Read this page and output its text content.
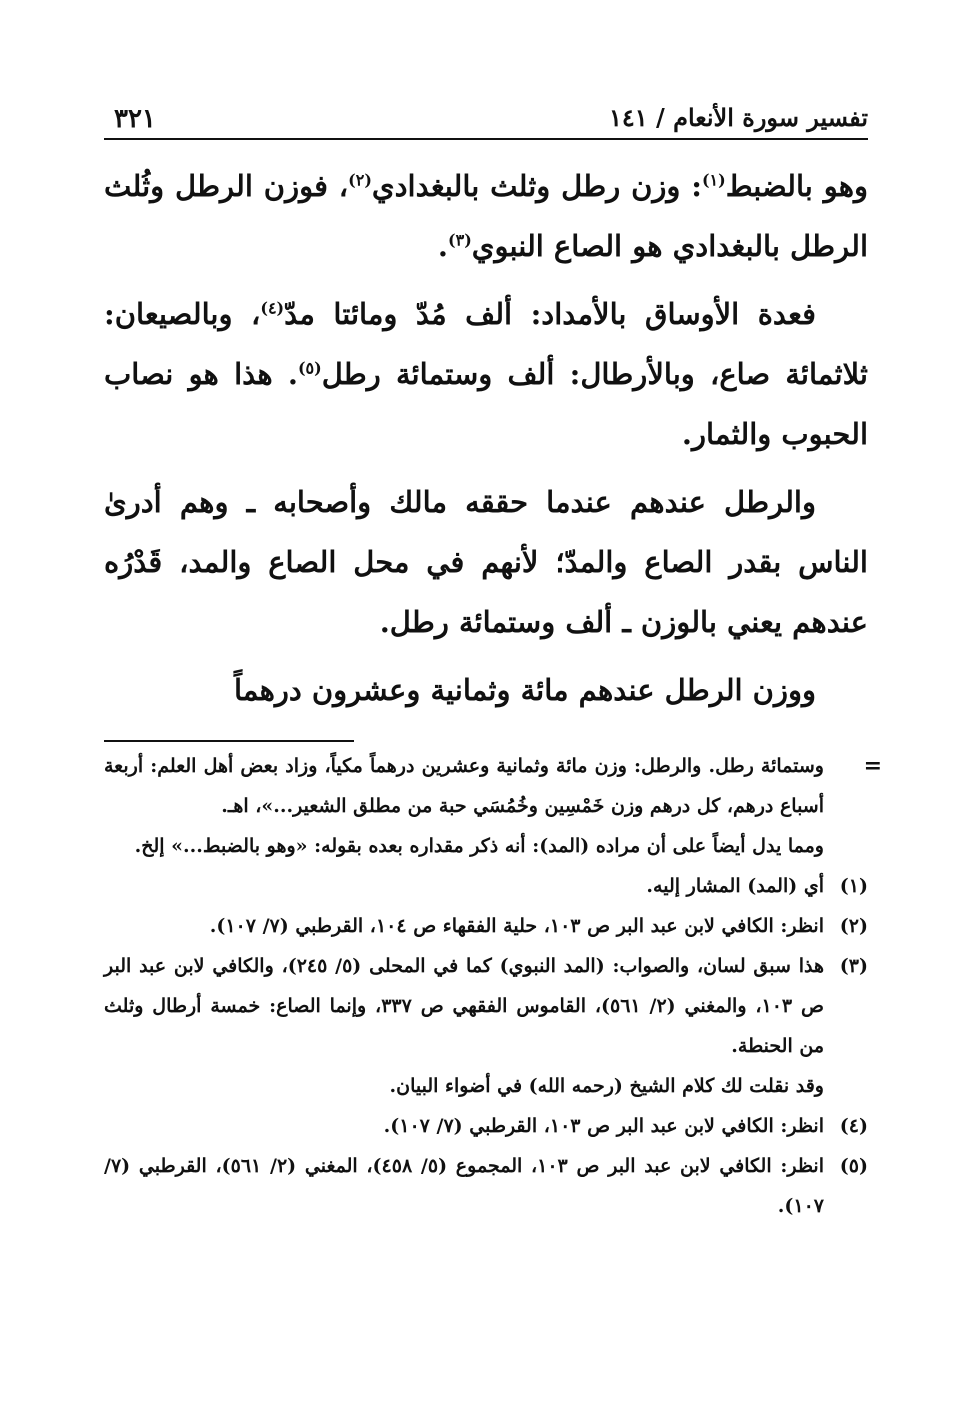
تفسير سورة الأنعام / ١٤١
٣٢١

وهو بالضبط$^{(١)}$: وزن رطل وثلث بالبغدادي$^{(٢)}$، فوزن الرطل وثُلث الرطل بالبغدادي هو الصاع النبوي$^{(٣)}$.

فعدة الأوساق بالأمداد: ألف مُدّ ومائتا مدّ$^{(٤)}$، وبالصيعان: ثلاثمائة صاع، وبالأرطال: ألف وستمائة رطل$^{(٥)}$. هذا هو نصاب الحبوب والثمار.

والرطل عندهم عندما حققه مالك وأصحابه ـ وهم أدرىٰ الناس بقدر الصاع والمدّ؛ لأنهم في محل الصاع والمد، قَدْرُه عندهم يعني بالوزن ـ ألف وستمائة رطل.

ووزن الرطل عندهم مائة وثمانية وعشرون درهماً

=
وستمائة رطل. والرطل: وزن مائة وثمانية وعشرين درهماً مكياً، وزاد بعض أهل العلم: أربعة أسباع درهم، كل درهم وزن خَمْسِين وخُمُسَي حبة من مطلق الشعير...»، اهـ.
ومما يدل أيضاً على أن مراده (المد): أنه ذكر مقداره بعده بقوله: «وهو بالضبط...» إلخ.
(١)
أي (المد) المشار إليه.
(٢)
انظر: الكافي لابن عبد البر ص ١٠٣، حلية الفقهاء ص ١٠٤، القرطبي (٧/ ١٠٧).
(٣)
هذا سبق لسان، والصواب: (المد النبوي) كما في المحلى (٥/ ٢٤٥)، والكافي لابن عبد البر ص ١٠٣، والمغني (٢/ ٥٦١)، القاموس الفقهي ص ٣٣٧، وإنما الصاع: خمسة أرطال وثلث من الحنطة.
وقد نقلت لك كلام الشيخ (رحمه الله) في أضواء البيان.
(٤)
انظر: الكافي لابن عبد البر ص ١٠٣، القرطبي (٧/ ١٠٧).
(٥)
انظر: الكافي لابن عبد البر ص ١٠٣، المجموع (٥/ ٤٥٨)، المغني (٢/ ٥٦١)، القرطبي (٧/ ١٠٧).
